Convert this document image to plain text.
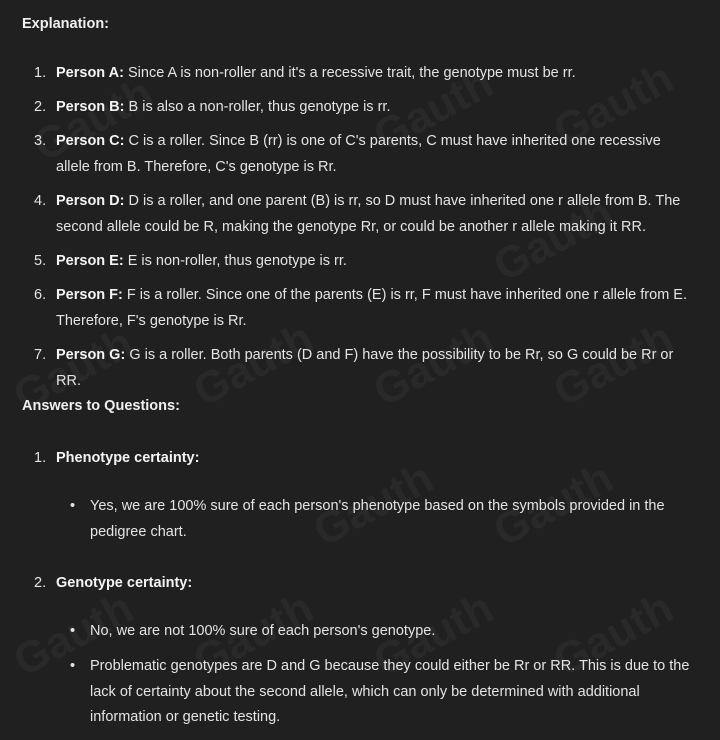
Explanation:
1. Person A: Since A is non-roller and it's a recessive trait, the genotype must be rr.
2. Person B: B is also a non-roller, thus genotype is rr.
3. Person C: C is a roller. Since B (rr) is one of C's parents, C must have inherited one recessive allele from B. Therefore, C's genotype is Rr.
4. Person D: D is a roller, and one parent (B) is rr, so D must have inherited one r allele from B. The second allele could be R, making the genotype Rr, or could be another r allele making it RR.
5. Person E: E is non-roller, thus genotype is rr.
6. Person F: F is a roller. Since one of the parents (E) is rr, F must have inherited one r allele from E. Therefore, F's genotype is Rr.
7. Person G: G is a roller. Both parents (D and F) have the possibility to be Rr, so G could be Rr or RR.
Answers to Questions:
1. Phenotype certainty:
• Yes, we are 100% sure of each person's phenotype based on the symbols provided in the pedigree chart.
2. Genotype certainty:
• No, we are not 100% sure of each person's genotype.
• Problematic genotypes are D and G because they could either be Rr or RR. This is due to the lack of certainty about the second allele, which can only be determined with additional information or genetic testing.
